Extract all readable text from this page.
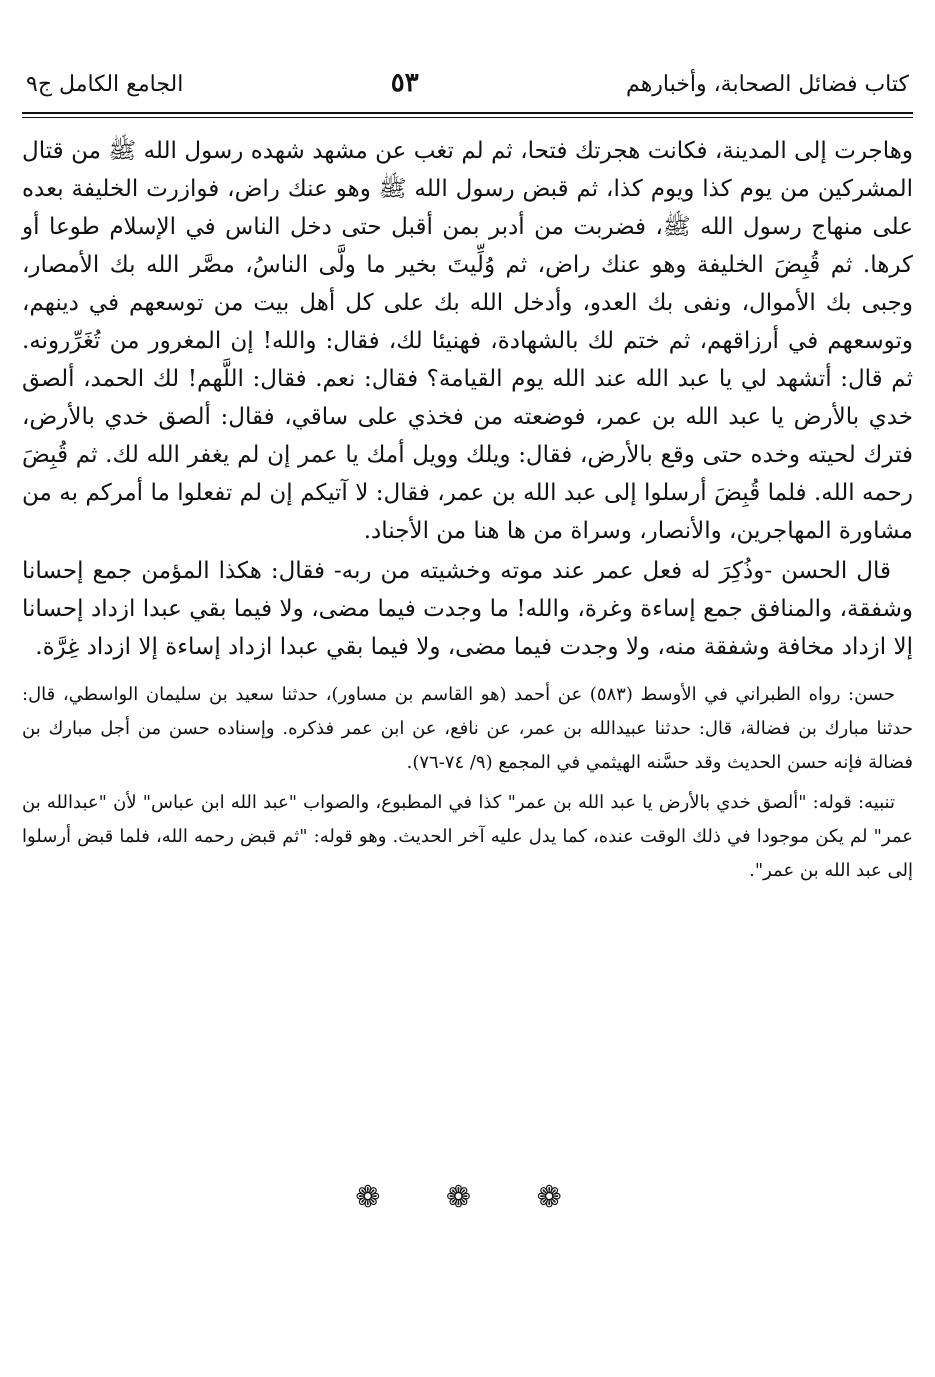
كتاب فضائل الصحابة، وأخبارهم
٥٣
الجامع الكامل ج٩

وهاجرت إلى المدينة، فكانت هجرتك فتحا، ثم لم تغب عن مشهد شهده رسول الله ﷺ من قتال المشركين من يوم كذا ويوم كذا، ثم قبض رسول الله ﷺ وهو عنك راض، فوازرت الخليفة بعده على منهاج رسول الله ﷺ، فضربت من أدبر بمن أقبل حتى دخل الناس في الإسلام طوعا أو كرها. ثم قُبِضَ الخليفة وهو عنك راض، ثم وُلِّيتَ بخير ما ولَّى الناسُ، مصَّر الله بك الأمصار، وجبى بك الأموال، ونفى بك العدو، وأدخل الله بك على كل أهل بيت من توسعهم في دينهم، وتوسعهم في أرزاقهم، ثم ختم لك بالشهادة، فهنيئا لك، فقال: والله! إن المغرور من تُغَرِّرونه. ثم قال: أتشهد لي يا عبد الله عند الله يوم القيامة؟ فقال: نعم. فقال: اللَّهم! لك الحمد، ألصق خدي بالأرض يا عبد الله بن عمر، فوضعته من فخذي على ساقي، فقال: ألصق خدي بالأرض، فترك لحيته وخده حتى وقع بالأرض، فقال: ويلك وويل أمك يا عمر إن لم يغفر الله لك. ثم قُبِضَ رحمه الله. فلما قُبِضَ أرسلوا إلى عبد الله بن عمر، فقال: لا آتيكم إن لم تفعلوا ما أمركم به من مشاورة المهاجرين، والأنصار، وسراة من ها هنا من الأجناد.

قال الحسن -وذُكِرَ له فعل عمر عند موته وخشيته من ربه- فقال: هكذا المؤمن جمع إحسانا وشفقة، والمنافق جمع إساءة وغرة، والله! ما وجدت فيما مضى، ولا فيما بقي عبدا ازداد إحسانا إلا ازداد مخافة وشفقة منه، ولا وجدت فيما مضى، ولا فيما بقي عبدا ازداد إساءة إلا ازداد غِرَّة.

حسن: رواه الطبراني في الأوسط (٥٨٣) عن أحمد (هو القاسم بن مساور)، حدثنا سعيد بن سليمان الواسطي، قال: حدثنا مبارك بن فضالة، قال: حدثنا عبيدالله بن عمر، عن نافع، عن ابن عمر فذكره. وإسناده حسن من أجل مبارك بن فضالة فإنه حسن الحديث وقد حسَّنه الهيثمي في المجمع (٩/ ٧٤-٧٦).

تنبيه: قوله: "ألصق خدي بالأرض يا عبد الله بن عمر" كذا في المطبوع، والصواب "عبد الله ابن عباس" لأن "عبدالله بن عمر" لم يكن موجودا في ذلك الوقت عنده، كما يدل عليه آخر الحديث. وهو قوله: "ثم قبض رحمه الله، فلما قبض أرسلوا إلى عبد الله بن عمر".

❁ ❁ ❁
